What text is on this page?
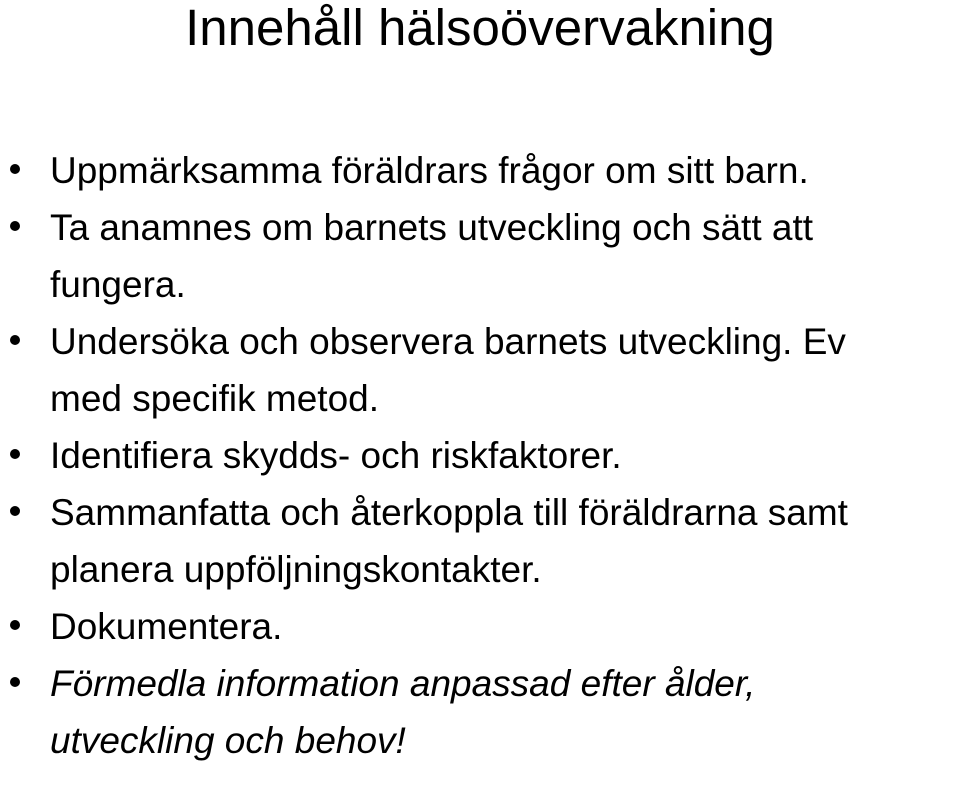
Innehåll hälsoövervakning
Uppmärksamma föräldrars frågor om sitt barn.
Ta anamnes om barnets utveckling och sätt att
fungera.
Undersöka och observera barnets utveckling. Ev
med specifik metod.
Identifiera skydds- och riskfaktorer.
Sammanfatta och återkoppla till föräldrarna samt
planera uppföljningskontakter.
Dokumentera.
Förmedla information anpassad efter ålder,
utveckling och behov!
